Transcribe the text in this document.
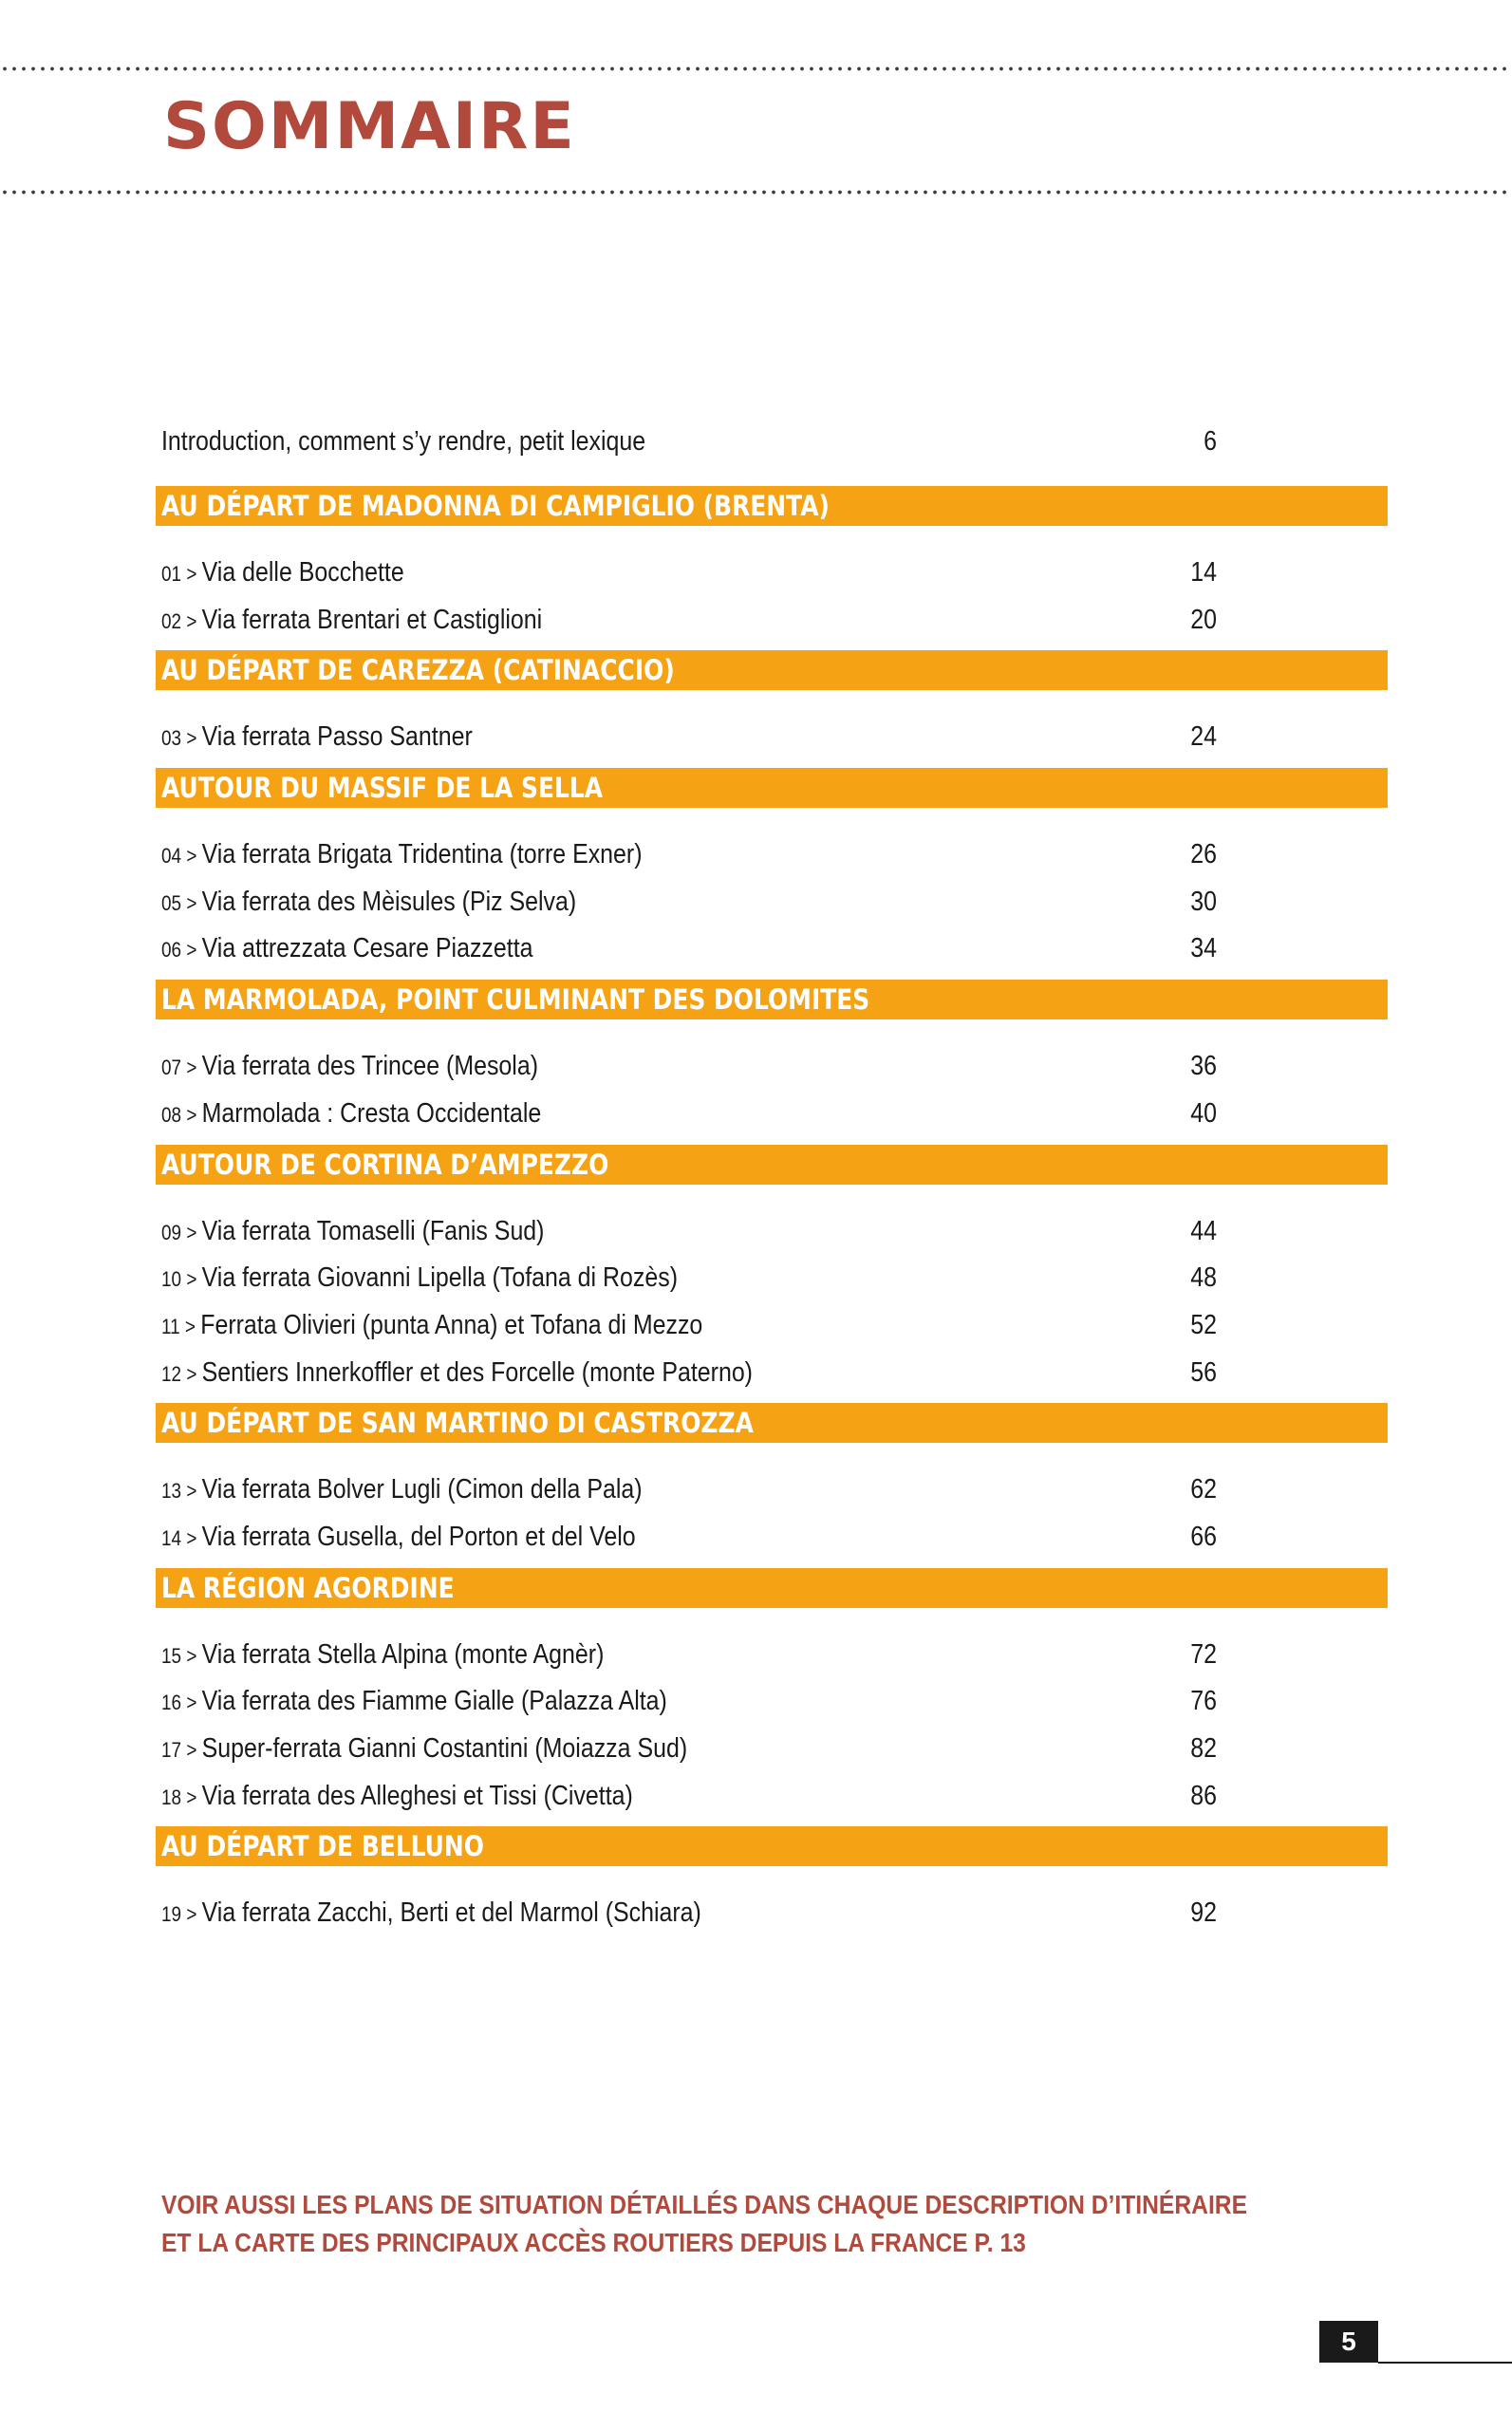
SOMMAIRE
Introduction, comment s’y rendre, petit lexique	6
AU DÉPART DE MADONNA DI CAMPIGLIO (BRENTA)
01 > Via delle Bocchette	14
02 > Via ferrata Brentari et Castiglioni	20
AU DÉPART DE CAREZZA (CATINACCIO)
03 > Via ferrata Passo Santner	24
AUTOUR DU MASSIF DE LA SELLA
04 > Via ferrata Brigata Tridentina (torre Exner)	26
05 > Via ferrata des Mèisules (Piz Selva)	30
06 > Via attrezzata Cesare Piazzetta	34
LA MARMOLADA, POINT CULMINANT DES DOLOMITES
07 > Via ferrata des Trincee (Mesola)	36
08 > Marmolada : Cresta Occidentale	40
AUTOUR DE CORTINA D’AMPEZZO
09 > Via ferrata Tomaselli (Fanis Sud)	44
10 > Via ferrata Giovanni Lipella (Tofana di Rozès)	48
11 > Ferrata Olivieri (punta Anna) et Tofana di Mezzo	52
12 > Sentiers Innerkoffler et des Forcelle (monte Paterno)	56
AU DÉPART DE SAN MARTINO DI CASTROZZA
13 > Via ferrata Bolver Lugli (Cimon della Pala)	62
14 > Via ferrata Gusella, del Porton et del Velo	66
LA RÉGION AGORDINE
15 > Via ferrata Stella Alpina (monte Agnèr)	72
16 > Via ferrata des Fiamme Gialle (Palazza Alta)	76
17 > Super-ferrata Gianni Costantini (Moiazza Sud)	82
18 > Via ferrata des Alleghesi et Tissi (Civetta)	86
AU DÉPART DE BELLUNO
19 > Via ferrata Zacchi, Berti et del Marmol (Schiara)	92
VOIR AUSSI LES PLANS DE SITUATION DÉTAILLÉS DANS CHAQUE DESCRIPTION D’ITINÉRAIRE
ET LA CARTE DES PRINCIPAUX ACCÈS ROUTIERS DEPUIS LA FRANCE P. 13
5
